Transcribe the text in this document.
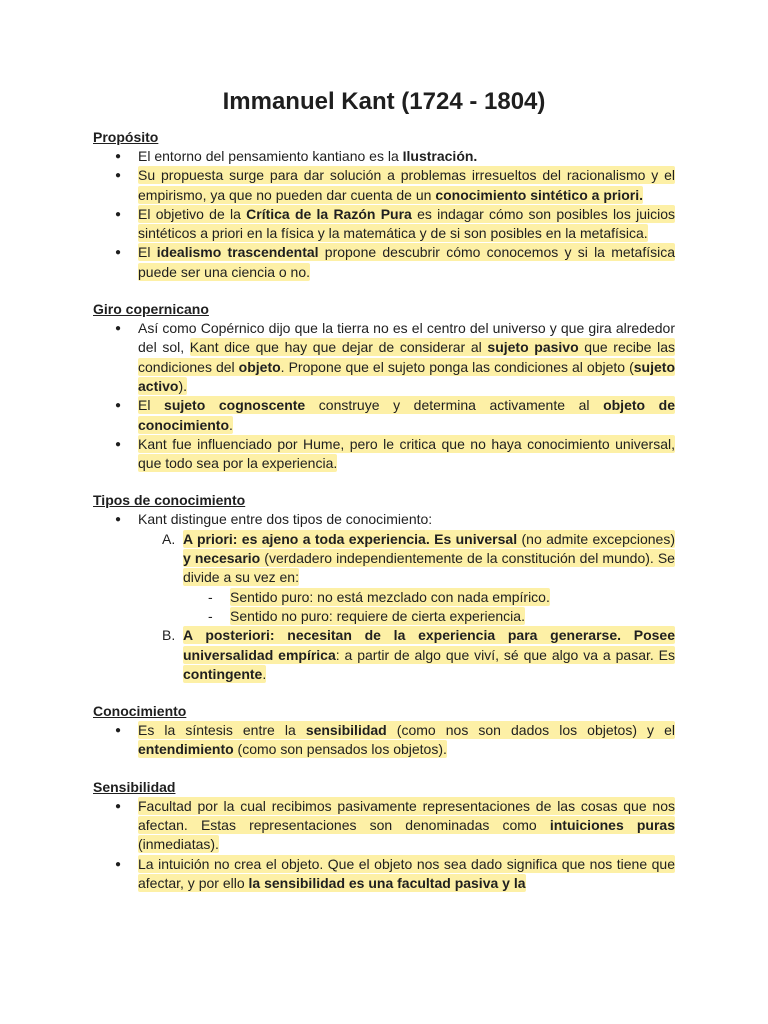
Immanuel Kant (1724 - 1804)
Propósito
● El entorno del pensamiento kantiano es la Ilustración.
● Su propuesta surge para dar solución a problemas irresueltos del racionalismo y el empirismo, ya que no pueden dar cuenta de un conocimiento sintético a priori.
● El objetivo de la Crítica de la Razón Pura es indagar cómo son posibles los juicios sintéticos a priori en la física y la matemática y de si son posibles en la metafísica.
● El idealismo trascendental propone descubrir cómo conocemos y si la metafísica puede ser una ciencia o no.
Giro copernicano
● Así como Copérnico dijo que la tierra no es el centro del universo y que gira alrededor del sol, Kant dice que hay que dejar de considerar al sujeto pasivo que recibe las condiciones del objeto. Propone que el sujeto ponga las condiciones al objeto (sujeto activo).
● El sujeto cognoscente construye y determina activamente al objeto de conocimiento.
● Kant fue influenciado por Hume, pero le critica que no haya conocimiento universal, que todo sea por la experiencia.
Tipos de conocimiento
● Kant distingue entre dos tipos de conocimiento:
A. A priori: es ajeno a toda experiencia. Es universal (no admite excepciones) y necesario (verdadero independientemente de la constitución del mundo). Se divide a su vez en:
- Sentido puro: no está mezclado con nada empírico.
- Sentido no puro: requiere de cierta experiencia.
B. A posteriori: necesitan de la experiencia para generarse. Posee universalidad empírica: a partir de algo que viví, sé que algo va a pasar. Es contingente.
Conocimiento
● Es la síntesis entre la sensibilidad (como nos son dados los objetos) y el entendimiento (como son pensados los objetos).
Sensibilidad
● Facultad por la cual recibimos pasivamente representaciones de las cosas que nos afectan. Estas representaciones son denominadas como intuiciones puras (inmediatas).
● La intuición no crea el objeto. Que el objeto nos sea dado significa que nos tiene que afectar, y por ello la sensibilidad es una facultad pasiva y la
